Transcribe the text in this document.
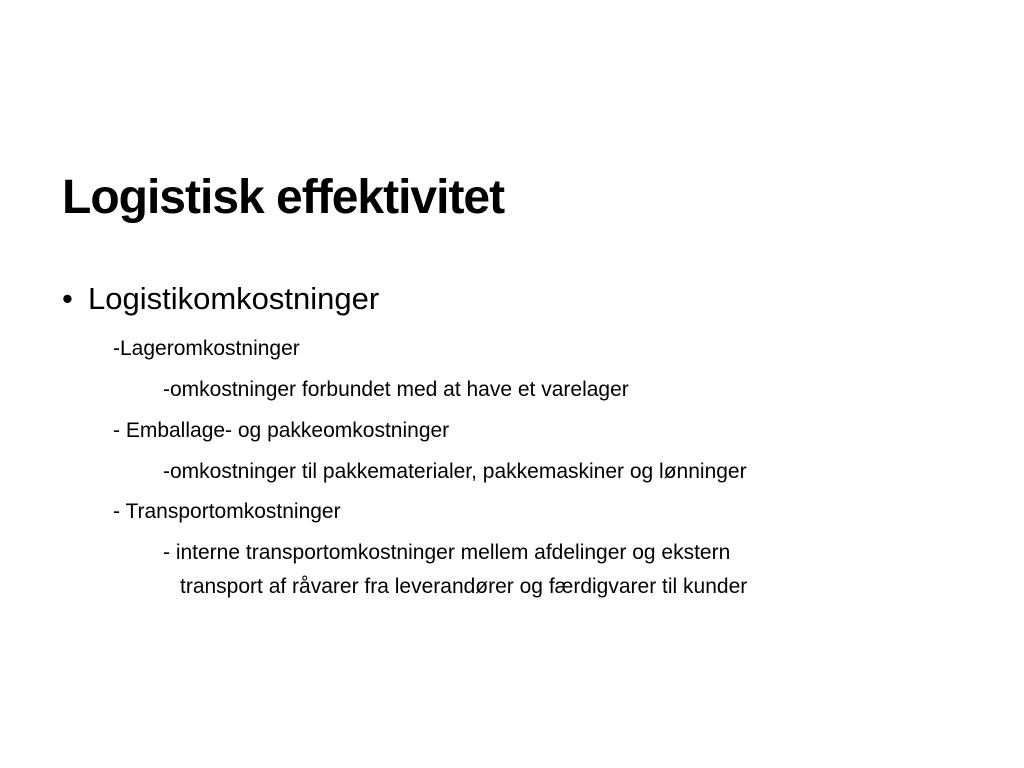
Logistisk effektivitet
• Logistikomkostninger
-Lageromkostninger
-omkostninger forbundet med at have et varelager
- Emballage- og pakkeomkostninger
-omkostninger til pakkematerialer, pakkemaskiner og lønninger
- Transportomkostninger
- interne transportomkostninger mellem afdelinger og ekstern
transport af råvarer fra leverandører og færdigvarer til kunder
